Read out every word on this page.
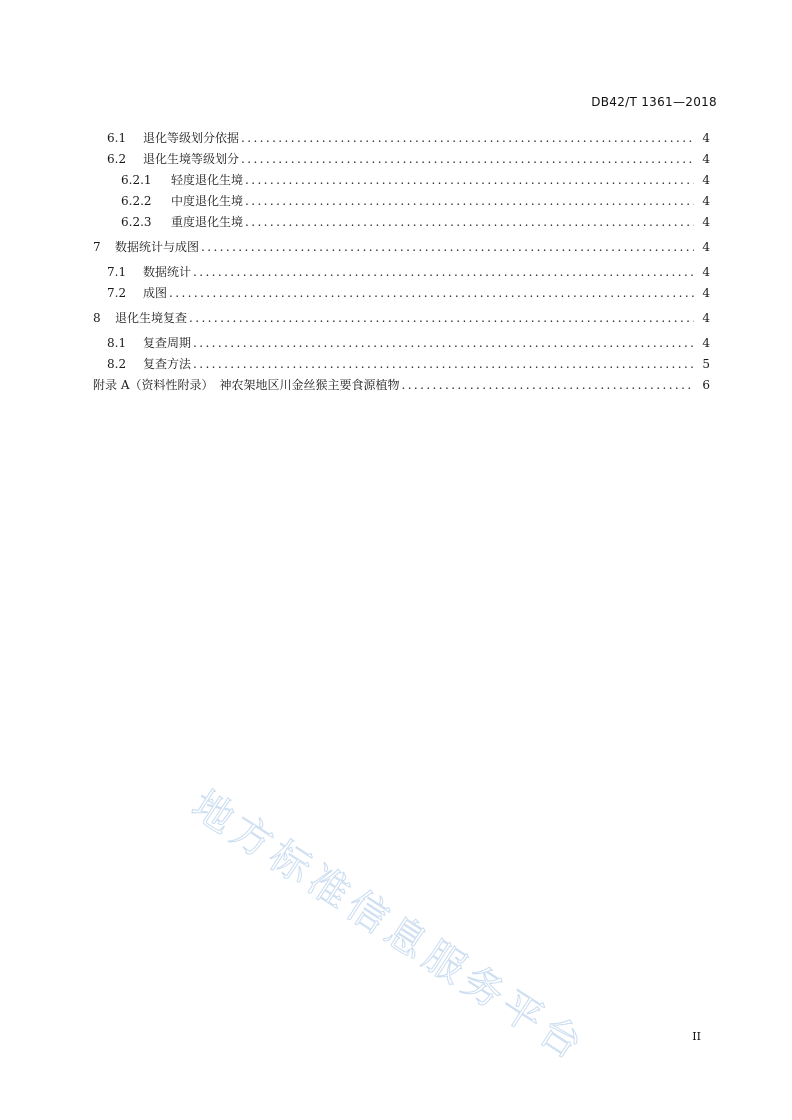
DB42/T 1361—2018
6.1	退化等级划分依据 .....	4
6.2	退化生境等级划分 .....	4
6.2.1	轻度退化生境 .....	4
6.2.2	中度退化生境 .....	4
6.2.3	重度退化生境 .....	4
7	数据统计与成图 .....	4
7.1	数据统计 .....	4
7.2	成图 .....	4
8	退化生境复查 .....	4
8.1	复查周期 .....	4
8.2	复查方法 .....	5
附录 A（资料性附录）　神农架地区川金丝猴主要食源植物 .....	6
地方标准信息服务平台	II
